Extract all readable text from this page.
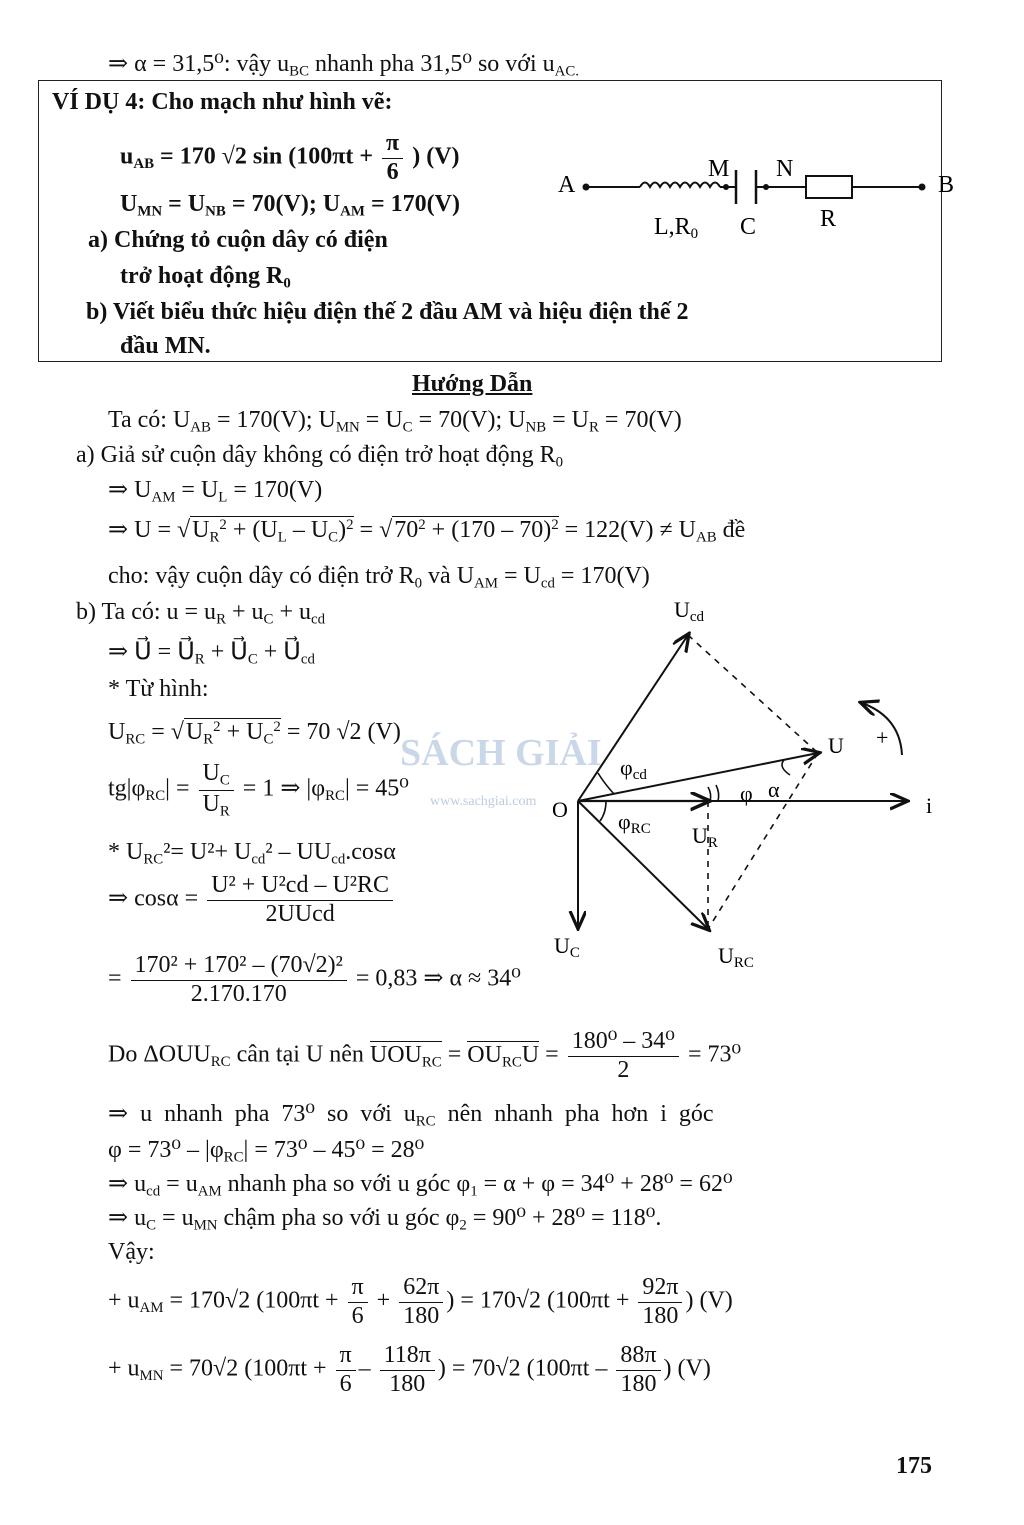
⇒ α = 31,5⁰: vậy $u_{BC}$ nhanh pha 31,5⁰ so với $u_{AC.}$
VÍ DỤ 4: Cho mạch như hình vẽ:
$u_{AB} = 170$ √2 $\sin (100\pi t + \frac{\pi}{6}$ ) (V)
$U_{MN} = U_{NB} = 70(V)$; $U_{AM} = 170(V)$
a) Chứng tỏ cuộn dây có điện
trở hoạt động $R_0$
b) Viết biểu thức hiệu điện thế 2 đầu AM và hiệu điện thế 2
đầu MN.
A	B
M N
L,R0 C	R
Hướng Dẫn
Ta có: $U_{AB} = 170(V)$; $U_{MN} = U_C = 70(V)$; $U_{NB} = U_R = 70(V)$
a) Giả sử cuộn dây không có điện trở hoạt động $R_0$
⇒ $U_{AM} = U_L = 170(V)$
⇒ $U = √U_R^2 + (U_L - U_C)^2 = √70^2 + (170 - 70)^2 = 122(V) \ne U_{AB}$ đề
cho: vậy cuộn dây có điện trở $R_0$ và $U_{AM} = U_{cd} = 170(V)$
b) Ta có: $u = u_R + u_C + u_{cd}$
⇒ U⃗ = $U⃗_R$ + $U⃗_C$ + $U⃗_{cd}$
* Từ hình:
$U_{RC} = √U_R^2 + U_C^2 = 70$ √2 (V)
$tg|\varphi_{RC}| = \frac{U_C}{U_R} = 1$ ⇒ $|\varphi_{RC}| = 45^0$
* $U_{RC}^2= U^2+ U_{cd}^2 - UU_{cd}.\cos\alpha$
⇒ $\cos\alpha = \frac{\text{U² + U²cd – U²RC}}{\text{2UUcd}}$
= $\frac{\text{170² + 170² – (70√2)²}}{2.170.170} = 0,83$ ⇒ α ≈ 34⁰
Do $\Delta OUU_{RC}$ cân tại U nên $UOU_{RC} = OU_{RC}U = \frac{\text{180⁰ – 34⁰}}{2} = 73^0$
⇒ u nhanh pha 73⁰ so với $u_{RC}$ nên nhanh pha hơn i góc
$\varphi = 73^0 - |\varphi_{RC}| = 73^0 - 45^0 = 28^0$
⇒ $u_{cd} = u_{AM}$ nhanh pha so với u góc $\varphi_1 = \alpha + \varphi = 34^0 + 28^0 = 62^0$
⇒ $u_C = u_{MN}$ chậm pha so với u góc $\varphi_2 = 90^0 + 28^0 = 118^0$.
Vậy:
+ $u_{AM} = 170√2$ ($100\pi t + \frac{\pi}{6} + \frac{62\pi}{180}$ ) = 170√2 ($100\pi t + \frac{92\pi}{180}$ ) (V)
+ $u_{MN} = 70√2$ ($100\pi t + \frac{\pi}{6} - \frac{118\pi}{180}$ ) = 70√2 ($100\pi t - \frac{88\pi}{180}$ ) (V)
SÁCH GIẢI
www.sachgiai.com	i
O
+
Ucd
U
UR
UC	URC
φcd
φ α
φRC
175
